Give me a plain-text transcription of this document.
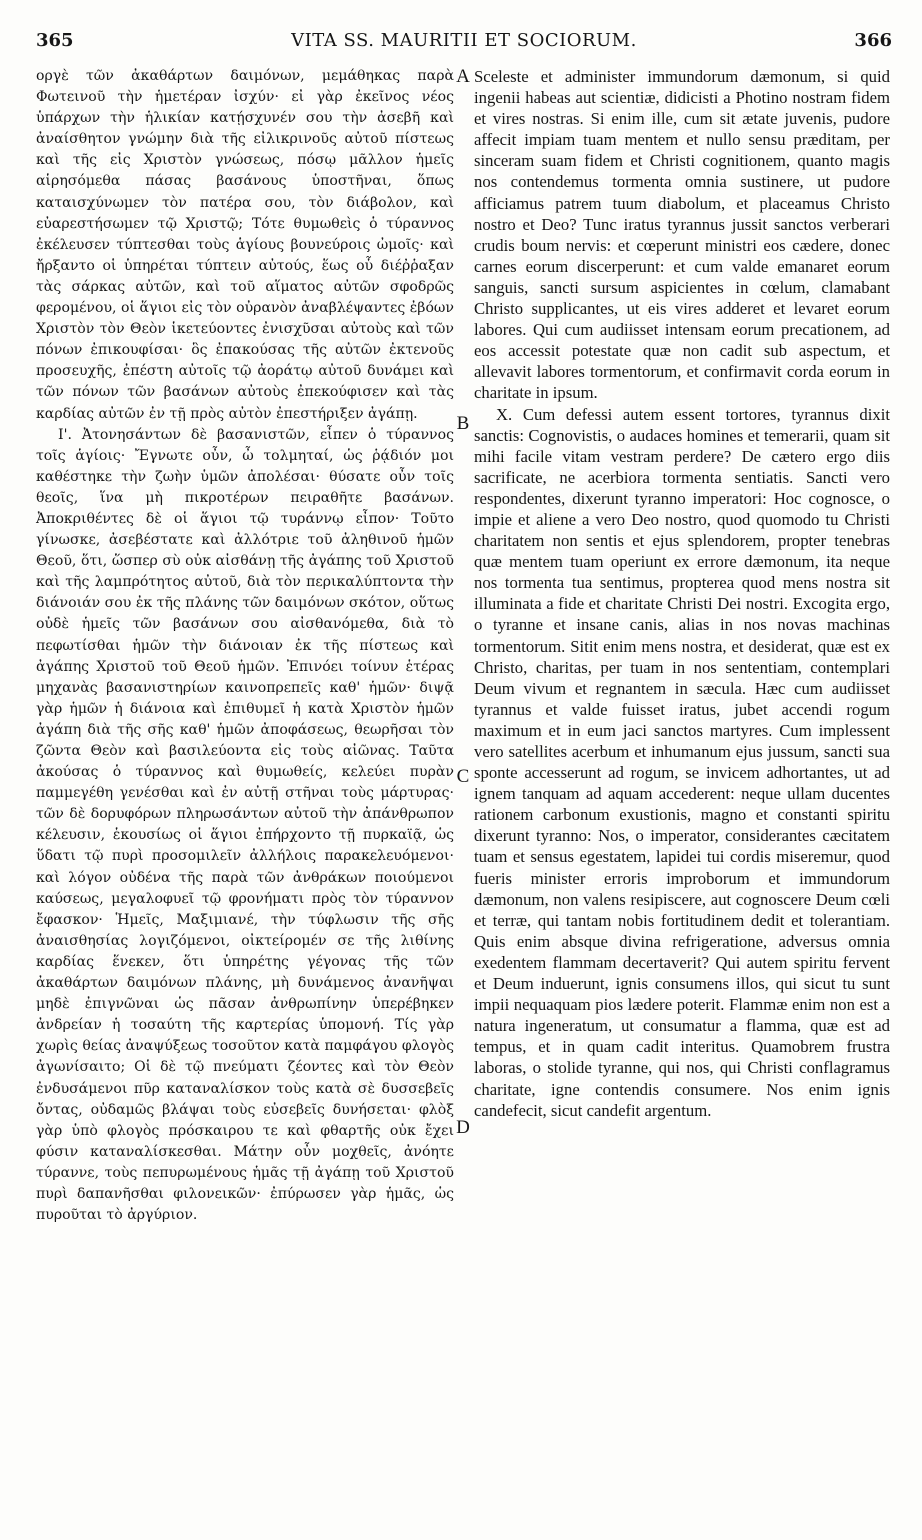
365	VITA SS. MAURITII ET SOCIORUM.	366

οργὲ τῶν ἀκαθάρτων δαιμόνων, μεμάθηκας παρὰ Φωτεινοῦ τὴν ἡμετέραν ἰσχύν· εἰ γὰρ ἐκεῖνος νέος ὑπάρχων τὴν ἡλικίαν κατῄσχυνέν σου τὴν ἀσεβῆ καὶ ἀναίσθητον γνώμην διὰ τῆς εἰλικρινοῦς αὐτοῦ πίστεως καὶ τῆς εἰς Χριστὸν γνώσεως, πόσῳ μᾶλλον ἡμεῖς αἱρησόμεθα πάσας βασάνους ὑποστῆναι, ὅπως καταισχύνωμεν τὸν πατέρα σου, τὸν διάβολον, καὶ εὐαρεστήσωμεν τῷ Χριστῷ; Τότε θυμωθεὶς ὁ τύραννος ἐκέλευσεν τύπτεσθαι τοὺς ἁγίους βουνεύροις ὠμοῖς· καὶ ἤρξαντο οἱ ὑπηρέται τύπτειν αὐτούς, ἕως οὗ διέῤῥαξαν τὰς σάρκας αὐτῶν, καὶ τοῦ αἵματος αὐτῶν σφοδρῶς φερομένου, οἱ ἅγιοι εἰς τὸν οὐρανὸν ἀναβλέψαντες ἐβόων Χριστὸν τὸν Θεὸν ἱκετεύοντες ἐνισχῦσαι αὐτοὺς καὶ τῶν πόνων ἐπικουφίσαι· ὃς ἐπακούσας τῆς αὐτῶν ἐκτενοῦς προσευχῆς, ἐπέστη αὐτοῖς τῷ ἀοράτῳ αὐτοῦ δυνάμει καὶ τῶν πόνων τῶν βασάνων αὐτοὺς ἐπεκούφισεν καὶ τὰς καρδίας αὐτῶν ἐν τῇ πρὸς αὐτὸν ἐπεστήριξεν ἀγάπῃ.

Ι'. Ἀτονησάντων δὲ βασανιστῶν, εἶπεν ὁ τύραννος τοῖς ἁγίοις· Ἔγνωτε οὖν, ὦ τολμηταί, ὡς ῥᾴδιόν μοι καθέστηκε τὴν ζωὴν ὑμῶν ἀπολέσαι· θύσατε οὖν τοῖς θεοῖς, ἵνα μὴ πικροτέρων πειραθῆτε βασάνων. Ἀποκριθέντες δὲ οἱ ἅγιοι τῷ τυράννῳ εἶπον· Τοῦτο γίνωσκε, ἀσεβέστατε καὶ ἀλλότριε τοῦ ἀληθινοῦ ἡμῶν Θεοῦ, ὅτι, ὥσπερ σὺ οὐκ αἰσθάνῃ τῆς ἀγάπης τοῦ Χριστοῦ καὶ τῆς λαμπρότητος αὐτοῦ, διὰ τὸν περικαλύπτοντα τὴν διάνοιάν σου ἐκ τῆς πλάνης τῶν δαιμόνων σκότον, οὕτως οὐδὲ ἡμεῖς τῶν βασάνων σου αἰσθανόμεθα, διὰ τὸ πεφωτίσθαι ἡμῶν τὴν διάνοιαν ἐκ τῆς πίστεως καὶ ἀγάπης Χριστοῦ τοῦ Θεοῦ ἡμῶν. Ἐπινόει τοίνυν ἑτέρας μηχανὰς βασανιστηρίων καινοπρεπεῖς καθ' ἡμῶν· διψᾷ γὰρ ἡμῶν ἡ διάνοια καὶ ἐπιθυμεῖ ἡ κατὰ Χριστὸν ἡμῶν ἀγάπη διὰ τῆς σῆς καθ' ἡμῶν ἀποφάσεως, θεωρῆσαι τὸν ζῶντα Θεὸν καὶ βασιλεύοντα εἰς τοὺς αἰῶνας. Ταῦτα ἀκούσας ὁ τύραννος καὶ θυμωθείς, κελεύει πυρὰν παμμεγέθη γενέσθαι καὶ ἐν αὐτῇ στῆναι τοὺς μάρτυρας· τῶν δὲ δορυφόρων πληρωσάντων αὐτοῦ τὴν ἀπάνθρωπον κέλευσιν, ἑκουσίως οἱ ἅγιοι ἐπήρχοντο τῇ πυρκαϊᾷ, ὡς ὕδατι τῷ πυρὶ προσομιλεῖν ἀλλήλοις παρακελευόμενοι· καὶ λόγον οὐδένα τῆς παρὰ τῶν ἀνθράκων ποιούμενοι καύσεως, μεγαλοφυεῖ τῷ φρονήματι πρὸς τὸν τύραννον ἔφασκον· Ἡμεῖς, Μαξιμιανέ, τὴν τύφλωσιν τῆς σῆς ἀναισθησίας λογιζόμενοι, οἰκτείρομέν σε τῆς λιθίνης καρδίας ἕνεκεν, ὅτι ὑπηρέτης γέγονας τῆς τῶν ἀκαθάρτων δαιμόνων πλάνης, μὴ δυνάμενος ἀνανῆψαι μηδὲ ἐπιγνῶναι ὡς πᾶσαν ἀνθρωπίνην ὑπερέβηκεν ἀνδρείαν ἡ τοσαύτη τῆς καρτερίας ὑπομονή. Τίς γὰρ χωρὶς θείας ἀναψύξεως τοσοῦτον κατὰ παμφάγου φλογὸς ἀγωνίσαιτο; Οἱ δὲ τῷ πνεύματι ζέοντες καὶ τὸν Θεὸν ἐνδυσάμενοι πῦρ καταναλίσκον τοὺς κατὰ σὲ δυσσεβεῖς ὄντας, οὐδαμῶς βλάψαι τοὺς εὐσεβεῖς δυνήσεται· φλὸξ γὰρ ὑπὸ φλογὸς πρόσκαιρου τε καὶ φθαρτῆς οὐκ ἔχει φύσιν καταναλίσκεσθαι. Μάτην οὖν μοχθεῖς, ἀνόητε τύραννε, τοὺς πεπυρωμένους ἡμᾶς τῇ ἀγάπῃ τοῦ Χριστοῦ πυρὶ δαπανῆσθαι φιλονεικῶν· ἐπύρωσεν γὰρ ἡμᾶς, ὡς πυροῦται τὸ ἀργύριον.

Scelеste et administer immundorum dæmonum, si quid ingenii habeas aut scientiæ, didicisti a Photino nostram fidem et vires nostras. Si enim ille, cum sit ætate juvenis, pudore affecit impiam tuam mentem et nullo sensu præditam, per sinceram suam fidem et Christi cognitionem, quanto magis nos contendemus tormenta omnia sustinere, ut pudore afficiamus patrem tuum diabolum, et placeamus Christo nostro et Deo? Tunc iratus tyrannus jussit sanctos verberari crudis boum nervis: et cœperunt ministri eos cædere, donec carnes eorum discerperunt: et cum valde emanaret eorum sanguis, sancti sursum aspicientes in cœlum, clamabant Christo supplicantes, ut eis vires adderet et levaret eorum labores. Qui cum audiisset intensam eorum precationem, ad eos accessit potestate quæ non cadit sub aspectum, et allevavit labores tormentorum, et confirmavit corda eorum in charitate in ipsum.

X. Cum defessi autem essent tortores, tyrannus dixit sanctis: Cognovistis, o audaces homines et temerarii, quam sit mihi facile vitam vestram perdere? De cætero ergo diis sacrificate, ne acerbiora tormenta sentiatis. Sancti vero respondentes, dixerunt tyranno imperatori: Hoc cognosce, o impie et aliene a vero Deo nostro, quod quomodo tu Christi charitatem non sentis et ejus splendorem, propter tenebras quæ mentem tuam operiunt ex errore dæmonum, ita neque nos tormenta tua sentimus, propterea quod mens nostra sit illuminata a fide et charitate Christi Dei nostri. Excogita ergo, o tyranne et insane canis, alias in nos novas machinas tormentorum. Sitit enim mens nostra, et desiderat, quæ est ex Christo, charitas, per tuam in nos sententiam, contemplari Deum vivum et regnantem in sæcula. Hæc cum audiisset tyrannus et valde fuisset iratus, jubet accendi rogum maximum et in eum jaci sanctos martyres. Cum implessent vero satellites acerbum et inhumanum ejus jussum, sancti sua sponte accesserunt ad rogum, se invicem adhortantes, ut ad ignem tanquam ad aquam accederent: neque ullam ducentes rationem carbonum exustionis, magno et constanti spiritu dixerunt tyranno: Nos, o imperator, considerantes cæcitatem tuam et sensus egestatem, lapidei tui cordis miseremur, quod fueris minister erroris improborum et immundorum dæmonum, non valens resipiscere, aut cognoscere Deum cœli et terræ, qui tantam nobis fortitudinem dedit et tolerantiam. Quis enim absque divina refrigeratione, adversus omnia exedentem flammam decertaverit? Qui autem spiritu fervent et Deum induerunt, ignis consumens illos, qui sicut tu sunt impii nequaquam pios lædere poterit. Flammæ enim non est a natura ingeneratum, ut consumatur a flamma, quæ est ad tempus, et in quam cadit interitus. Quamobrem frustra laboras, o stolide tyranne, qui nos, qui Christi conflagramus charitate, igne contendis consumere. Nos enim ignis candefecit, sicut candefit argentum.

A
B
C
D
